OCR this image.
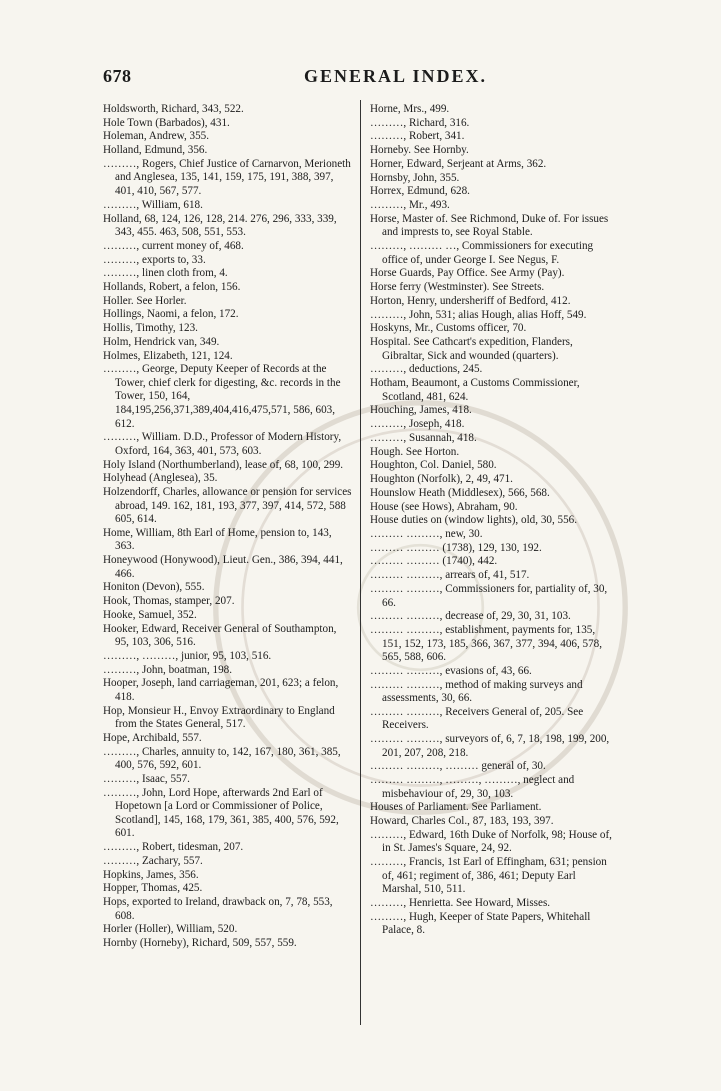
678	GENERAL INDEX.
Holdsworth, Richard, 343, 522.
Hole Town (Barbados), 431.
Holeman, Andrew, 355.
Holland, Edmund, 356.
………, Rogers, Chief Justice of Carnarvon, Merioneth and Anglesea, 135, 141, 159, 175, 191, 388, 397, 401, 410, 567, 577.
………, William, 618.
Holland, 68, 124, 126, 128, 214. 276, 296, 333, 339, 343, 455. 463, 508, 551, 553.
………, current money of, 468.
………, exports to, 33.
………, linen cloth from, 4.
Hollands, Robert, a felon, 156.
Holler. See Horler.
Hollings, Naomi, a felon, 172.
Hollis, Timothy, 123.
Holm, Hendrick van, 349.
Holmes, Elizabeth, 121, 124.
………, George, Deputy Keeper of Records at the Tower, chief clerk for digesting, &c. records in the Tower, 150, 164, 184,195,256,371,389,404,416,475,571, 586, 603, 612.
………, William. D.D., Professor of Modern History, Oxford, 164, 363, 401, 573, 603.
Holy Island (Northumberland), lease of, 68, 100, 299.
Holyhead (Anglesea), 35.
Holzendorff, Charles, allowance or pension for services abroad, 149. 162, 181, 193, 377, 397, 414, 572, 588 605, 614.
Home, William, 8th Earl of Home, pension to, 143, 363.
Honeywood (Honywood), Lieut. Gen., 386, 394, 441, 466.
Honiton (Devon), 555.
Hook, Thomas, stamper, 207.
Hooke, Samuel, 352.
Hooker, Edward, Receiver General of Southampton, 95, 103, 306, 516.
………, ………, junior, 95, 103, 516.
………, John, boatman, 198.
Hooper, Joseph, land carriageman, 201, 623; a felon, 418.
Hop, Monsieur H., Envoy Extraordinary to England from the States General, 517.
Hope, Archibald, 557.
………, Charles, annuity to, 142, 167, 180, 361, 385, 400, 576, 592, 601.
………, Isaac, 557.
………, John, Lord Hope, afterwards 2nd Earl of Hopetown [a Lord or Commissioner of Police, Scotland], 145, 168, 179, 361, 385, 400, 576, 592, 601.
………, Robert, tidesman, 207.
………, Zachary, 557.
Hopkins, James, 356.
Hopper, Thomas, 425.
Hops, exported to Ireland, drawback on, 7, 78, 553, 608.
Horler (Holler), William, 520.
Hornby (Horneby), Richard, 509, 557, 559.
Horne, Mrs., 499.
………, Richard, 316.
………, Robert, 341.
Horneby. See Hornby.
Horner, Edward, Serjeant at Arms, 362.
Hornsby, John, 355.
Horrex, Edmund, 628.
………, Mr., 493.
Horse, Master of. See Richmond, Duke of. For issues and imprests to, see Royal Stable.
………, ……… …, Commissioners for executing office of, under George I. See Negus, F.
Horse Guards, Pay Office. See Army (Pay).
Horse ferry (Westminster). See Streets.
Horton, Henry, undersheriff of Bedford, 412.
………, John, 531; alias Hough, alias Hoff, 549.
Hoskyns, Mr., Customs officer, 70.
Hospital. See Cathcart's expedition, Flanders, Gibraltar, Sick and wounded (quarters).
………, deductions, 245.
Hotham, Beaumont, a Customs Commissioner, Scotland, 481, 624.
Houching, James, 418.
………, Joseph, 418.
………, Susannah, 418.
Hough. See Horton.
Houghton, Col. Daniel, 580.
Houghton (Norfolk), 2, 49, 471.
Hounslow Heath (Middlesex), 566, 568.
House (see Hows), Abraham, 90.
House duties on (window lights), old, 30, 556.
……… ………, new, 30.
……… ……… (1738), 129, 130, 192.
……… ……… (1740), 442.
……… ………, arrears of, 41, 517.
……… ………, Commissioners for, partiality of, 30, 66.
……… ………, decrease of, 29, 30, 31, 103.
……… ………, establishment, payments for, 135, 151, 152, 173, 185, 366, 367, 377, 394, 406, 578, 565, 588, 606.
……… ………, evasions of, 43, 66.
……… ………, method of making surveys and assessments, 30, 66.
……… ………, Receivers General of, 205. See Receivers.
……… ………, surveyors of, 6, 7, 18, 198, 199, 200, 201, 207, 208, 218.
……… ………, ……… general of, 30.
……… ………, ………, ………, neglect and misbehaviour of, 29, 30, 103.
Houses of Parliament. See Parliament.
Howard, Charles Col., 87, 183, 193, 397.
………, Edward, 16th Duke of Norfolk, 98; House of, in St. James's Square, 24, 92.
………, Francis, 1st Earl of Effingham, 631; pension of, 461; regiment of, 386, 461; Deputy Earl Marshal, 510, 511.
………, Henrietta. See Howard, Misses.
………, Hugh, Keeper of State Papers, Whitehall Palace, 8.
